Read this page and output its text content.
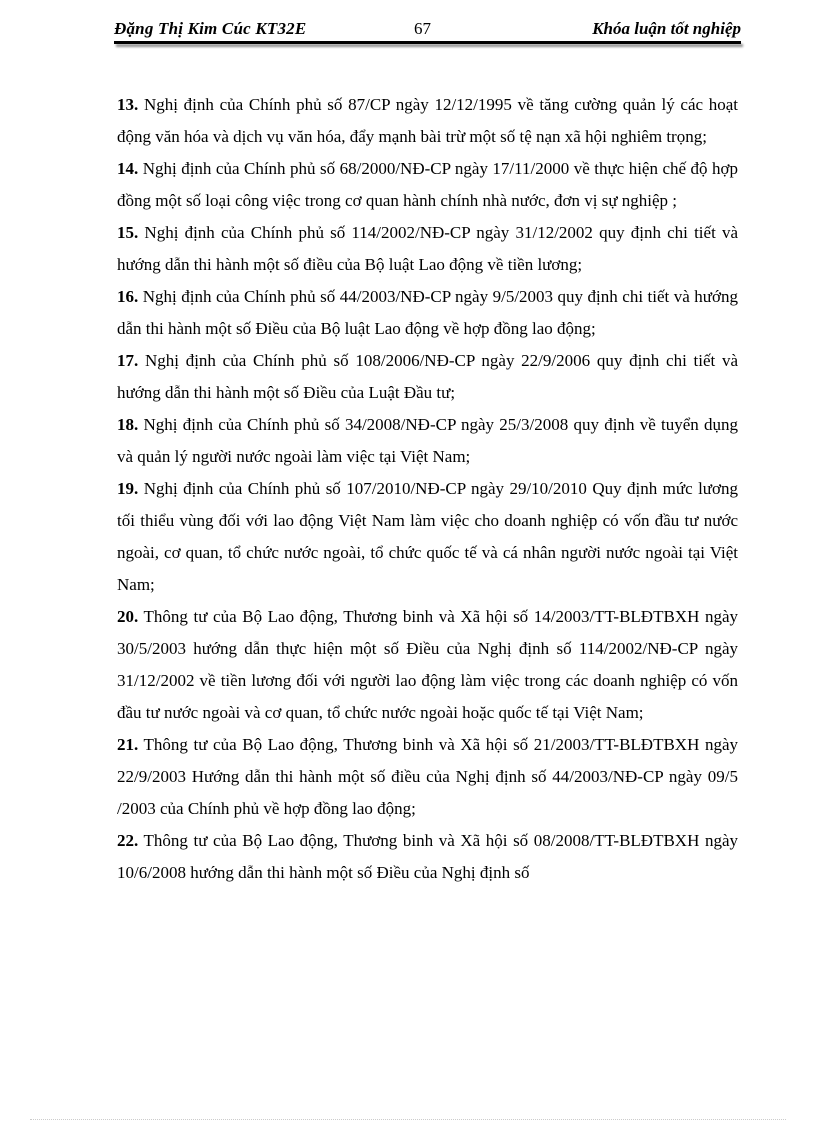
Đặng Thị Kim Cúc KT32E	67	Khóa luận tốt nghiệp
13. Nghị định của Chính phủ số 87/CP ngày 12/12/1995 về tăng cường quản lý các hoạt động văn hóa và dịch vụ văn hóa, đẩy mạnh bài trừ một số tệ nạn xã hội nghiêm trọng;
14. Nghị định của Chính phủ số 68/2000/NĐ-CP ngày 17/11/2000 về thực hiện chế độ hợp đồng một số loại công việc trong cơ quan hành chính nhà nước, đơn vị sự nghiệp ;
15. Nghị định của Chính phủ số 114/2002/NĐ-CP ngày 31/12/2002 quy định chi tiết và hướng dẫn thi hành một số điều của Bộ luật Lao động về tiền lương;
16. Nghị định của Chính phủ số 44/2003/NĐ-CP ngày 9/5/2003 quy định chi tiết và hướng dẫn thi hành một số Điều của Bộ luật Lao động về hợp đồng lao động;
17. Nghị định của Chính phủ số 108/2006/NĐ-CP ngày 22/9/2006 quy định chi tiết và hướng dẫn thi hành một số Điều của Luật Đầu tư;
18. Nghị định của Chính phủ số 34/2008/NĐ-CP ngày 25/3/2008 quy định về tuyển dụng và quản lý người nước ngoài làm việc tại Việt Nam;
19. Nghị định của Chính phủ số 107/2010/NĐ-CP ngày 29/10/2010 Quy định mức lương tối thiểu vùng đối với lao động Việt Nam làm việc cho doanh nghiệp có vốn đầu tư nước ngoài, cơ quan, tổ chức nước ngoài, tổ chức quốc tế và cá nhân người nước ngoài tại Việt Nam;
20. Thông tư của Bộ Lao động, Thương binh và Xã hội số 14/2003/TT-BLĐTBXH ngày 30/5/2003 hướng dẫn thực hiện một số Điều của Nghị định số 114/2002/NĐ-CP ngày 31/12/2002 về tiền lương đối với người lao động làm việc trong các doanh nghiệp có vốn đầu tư nước ngoài và cơ quan, tổ chức nước ngoài hoặc quốc tế tại Việt Nam;
21. Thông tư của Bộ Lao động, Thương binh và Xã hội số 21/2003/TT-BLĐTBXH ngày 22/9/2003 Hướng dẫn thi hành một số điều của Nghị định số 44/2003/NĐ-CP ngày 09/5 /2003 của Chính phủ về hợp đồng lao động;
22. Thông tư của Bộ Lao động, Thương binh và Xã hội số 08/2008/TT-BLĐTBXH ngày 10/6/2008 hướng dẫn thi hành một số Điều của Nghị định số
